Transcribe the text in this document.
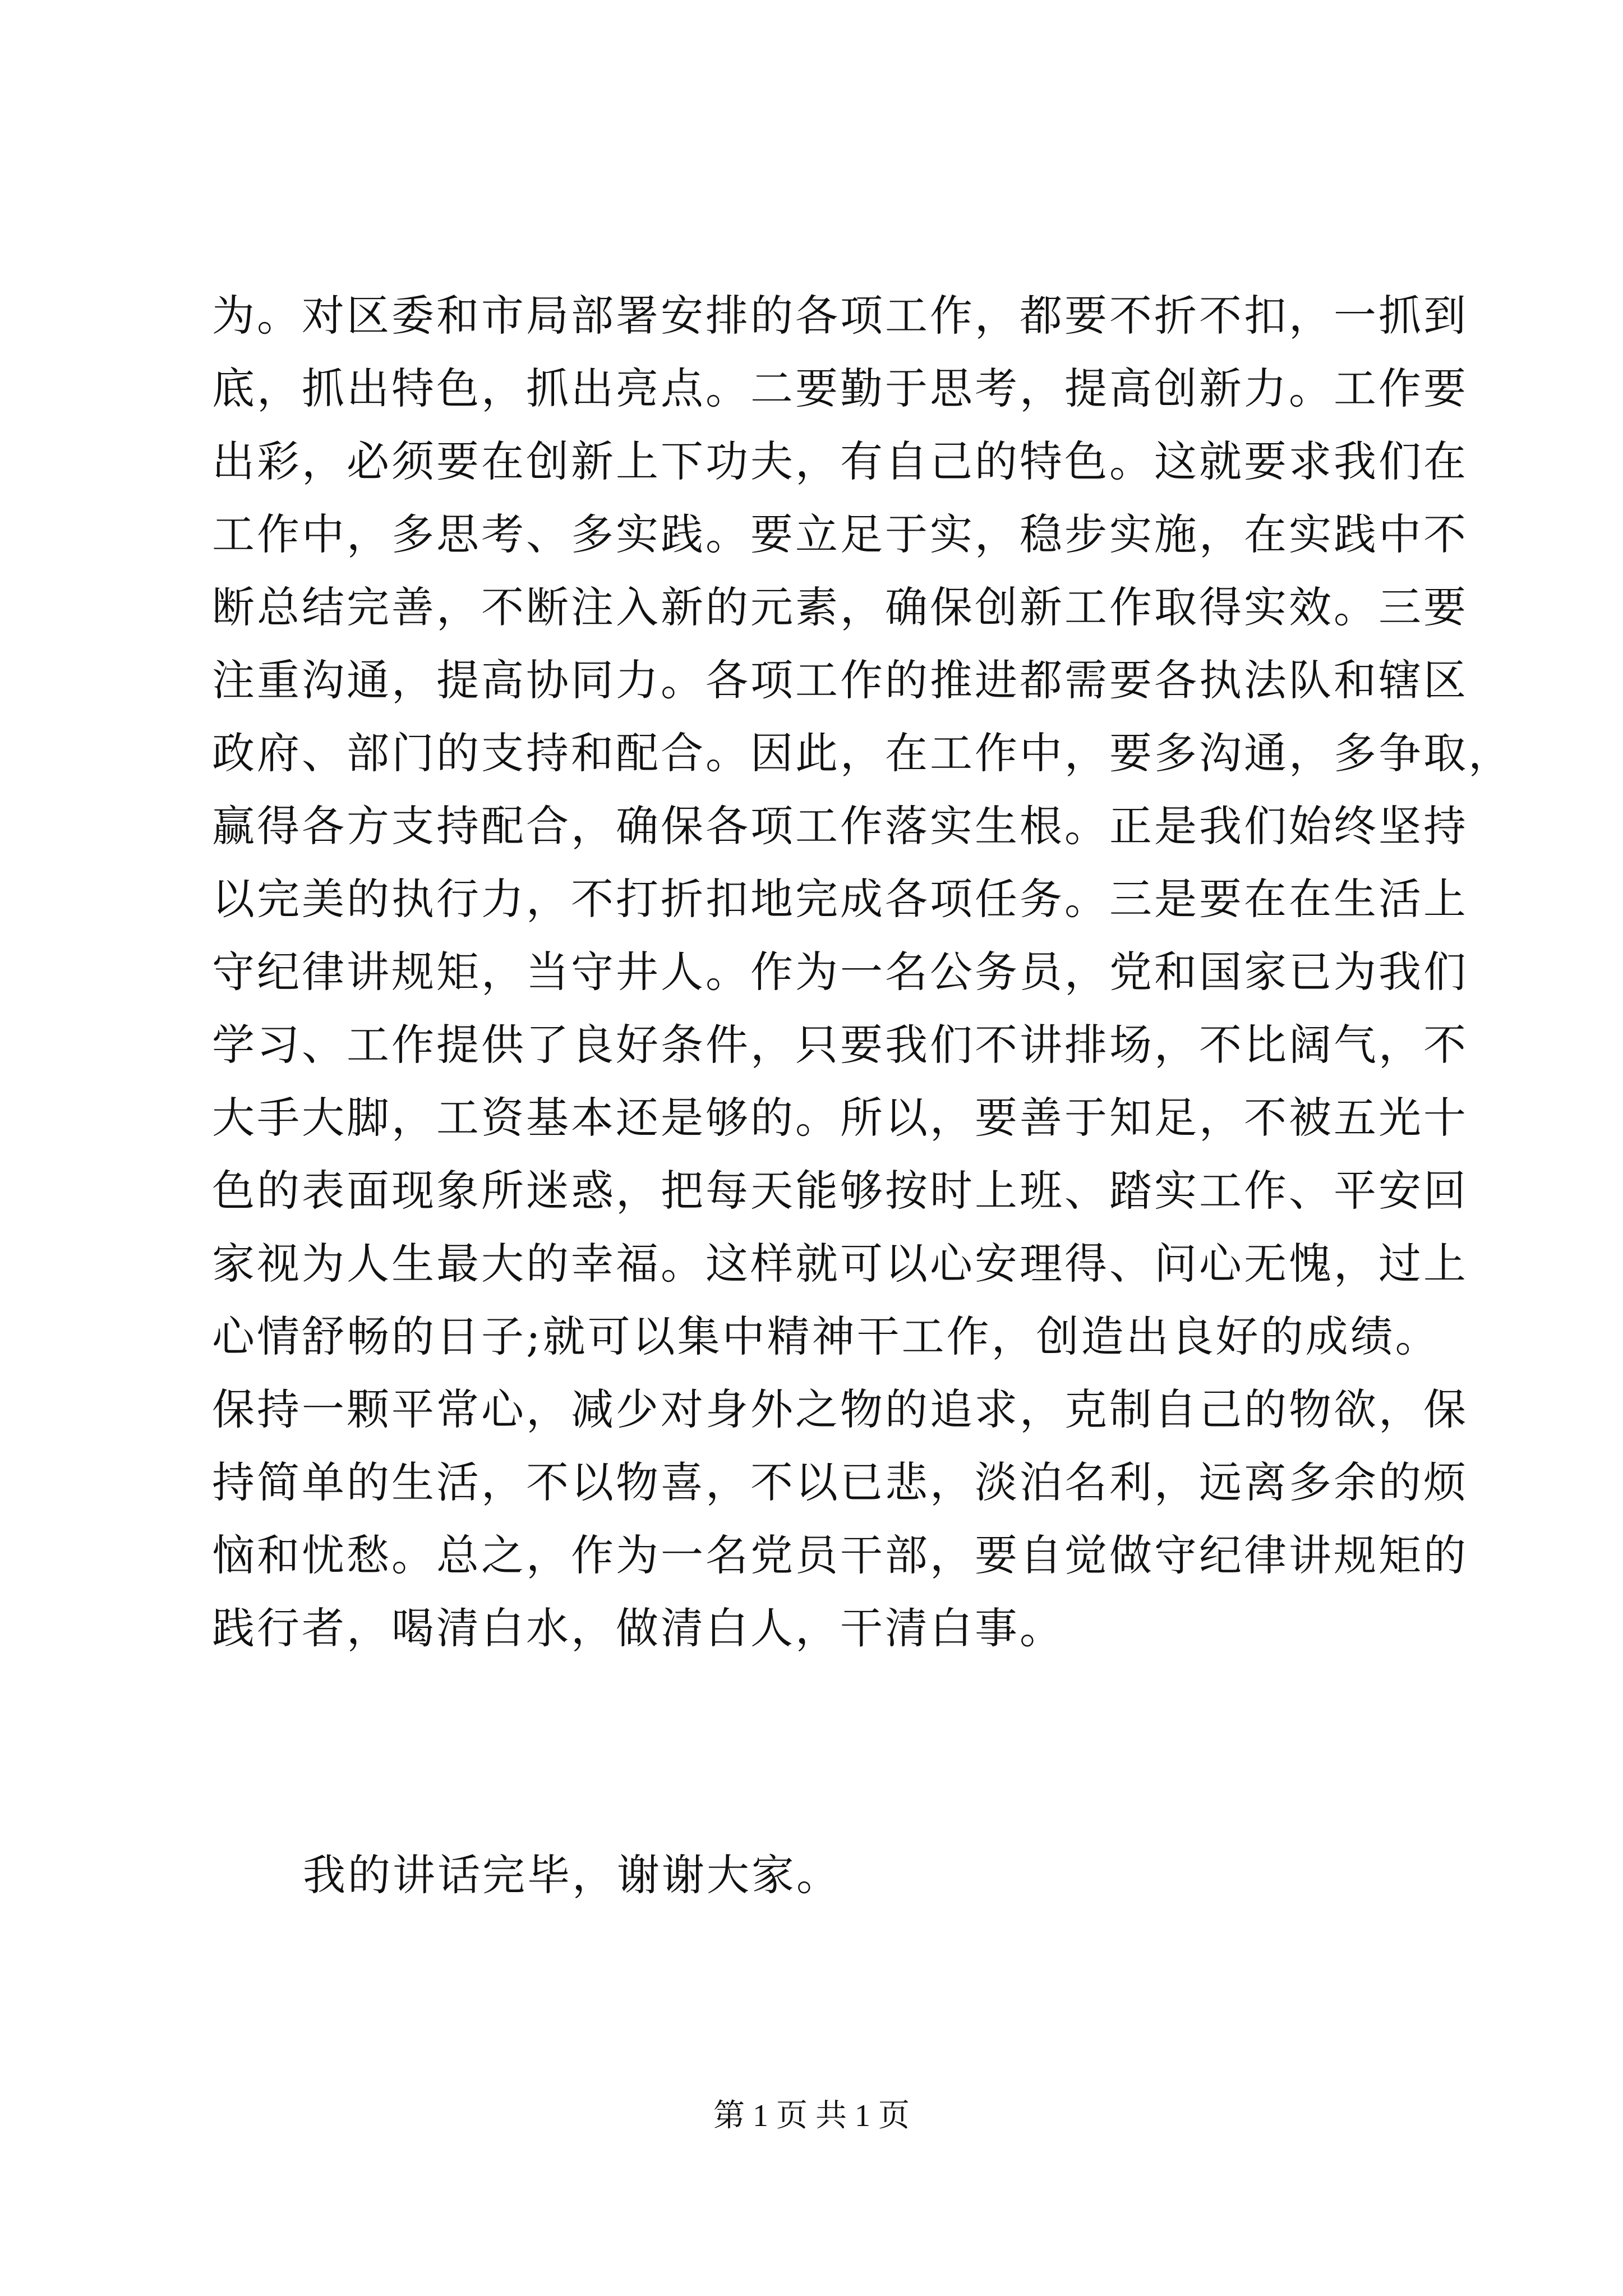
为。对区委和市局部署安排的各项工作，都要不折不扣，一抓到
底，抓出特色，抓出亮点。二要勤于思考，提高创新力。工作要
出彩，必须要在创新上下功夫，有自己的特色。这就要求我们在
工作中，多思考、多实践。要立足于实，稳步实施，在实践中不
断总结完善，不断注入新的元素，确保创新工作取得实效。三要
注重沟通，提高协同力。各项工作的推进都需要各执法队和辖区
政府、部门的支持和配合。因此，在工作中，要多沟通，多争取，
赢得各方支持配合，确保各项工作落实生根。正是我们始终坚持
以完美的执行力，不打折扣地完成各项任务。三是要在在生活上
守纪律讲规矩，当守井人。作为一名公务员，党和国家已为我们
学习、工作提供了良好条件，只要我们不讲排场，不比阔气，不
大手大脚，工资基本还是够的。所以，要善于知足，不被五光十
色的表面现象所迷惑，把每天能够按时上班、踏实工作、平安回
家视为人生最大的幸福。这样就可以心安理得、问心无愧，过上
心情舒畅的日子;就可以集中精神干工作，创造出良好的成绩。
保持一颗平常心，减少对身外之物的追求，克制自己的物欲，保
持简单的生活，不以物喜，不以已悲，淡泊名利，远离多余的烦
恼和忧愁。总之，作为一名党员干部，要自觉做守纪律讲规矩的
践行者，喝清白水，做清白人，干清白事。

我的讲话完毕，谢谢大家。

第 1 页 共 1 页
